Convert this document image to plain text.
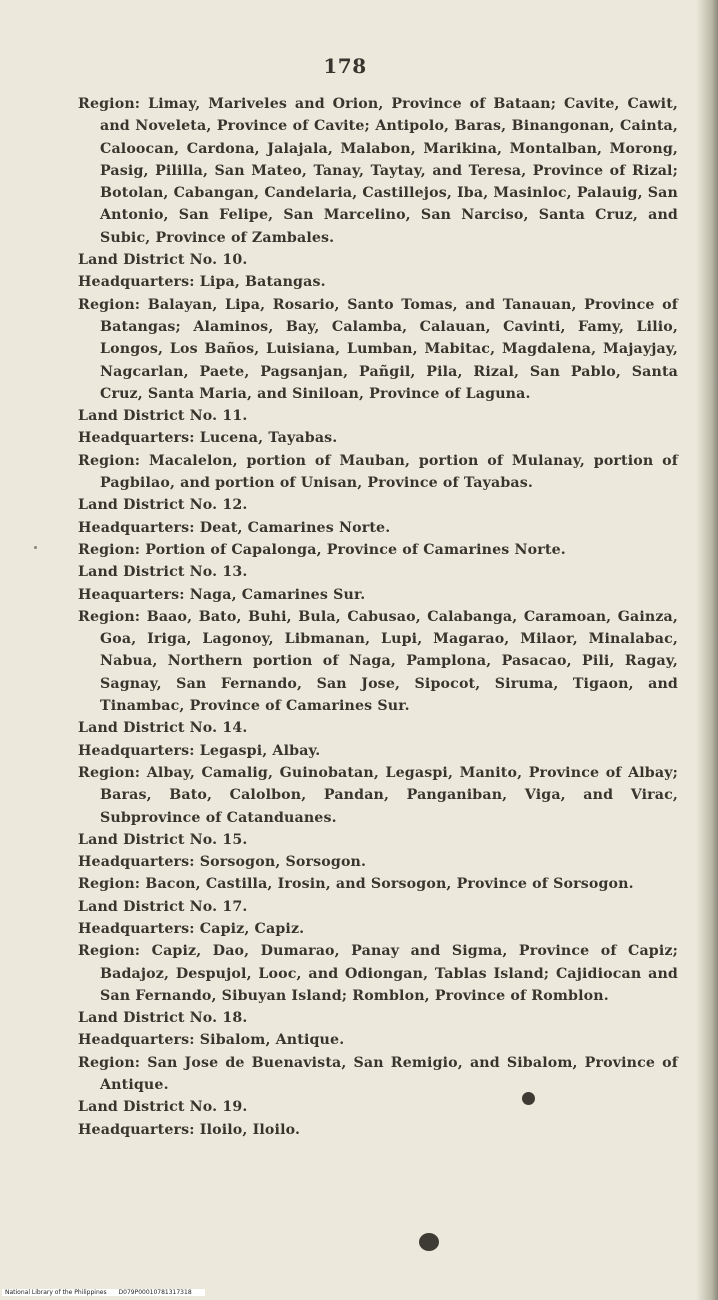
178
Region: Limay, Mariveles and Orion, Province of Bataan; Cavite, Cawit, and Noveleta, Province of Cavite; Antipolo, Baras, Binangonan, Cainta, Caloocan, Cardona, Jalajala, Malabon, Marikina, Montalban, Morong, Pasig, Pililla, San Mateo, Tanay, Taytay, and Teresa, Province of Rizal; Botolan, Cabangan, Candelaria, Castillejos, Iba, Masinloc, Palauig, San Antonio, San Felipe, San Marcelino, San Narciso, Santa Cruz, and Subic, Province of Zambales.
Land District No. 10.
Headquarters: Lipa, Batangas.
Region: Balayan, Lipa, Rosario, Santo Tomas, and Tanauan, Province of Batangas; Alaminos, Bay, Calamba, Calauan, Cavinti, Famy, Lilio, Longos, Los Baños, Luisiana, Lumban, Mabitac, Magdalena, Majayjay, Nagcarlan, Paete, Pagsanjan, Pañgil, Pila, Rizal, San Pablo, Santa Cruz, Santa Maria, and Siniloan, Province of Laguna.
Land District No. 11.
Headquarters: Lucena, Tayabas.
Region: Macalelon, portion of Mauban, portion of Mulanay, portion of Pagbilao, and portion of Unisan, Province of Tayabas.
Land District No. 12.
Headquarters: Deat, Camarines Norte.
Region: Portion of Capalonga, Province of Camarines Norte.
Land District No. 13.
Heaquarters: Naga, Camarines Sur.
Region: Baao, Bato, Buhi, Bula, Cabusao, Calabanga, Caramoan, Gainza, Goa, Iriga, Lagonoy, Libmanan, Lupi, Magarao, Milaor, Minalabac, Nabua, Northern portion of Naga, Pamplona, Pasacao, Pili, Ragay, Sagnay, San Fernando, San Jose, Sipocot, Siruma, Tigaon, and Tinambac, Province of Camarines Sur.
Land District No. 14.
Headquarters: Legaspi, Albay.
Region: Albay, Camalig, Guinobatan, Legaspi, Manito, Province of Albay; Baras, Bato, Calolbon, Pandan, Panganiban, Viga, and Virac, Subprovince of Catanduanes.
Land District No. 15.
Headquarters: Sorsogon, Sorsogon.
Region: Bacon, Castilla, Irosin, and Sorsogon, Province of Sorsogon.
Land District No. 17.
Headquarters: Capiz, Capiz.
Region: Capiz, Dao, Dumarao, Panay and Sigma, Province of Capiz; Badajoz, Despujol, Looc, and Odiongan, Tablas Island; Cajidiocan and San Fernando, Sibuyan Island; Romblon, Province of Romblon.
Land District No. 18.
Headquarters: Sibalom, Antique.
Region: San Jose de Buenavista, San Remigio, and Sibalom, Province of Antique.
Land District No. 19.
Headquarters: Iloilo, Iloilo.
National Library of the Philippines D079P00010781317318
